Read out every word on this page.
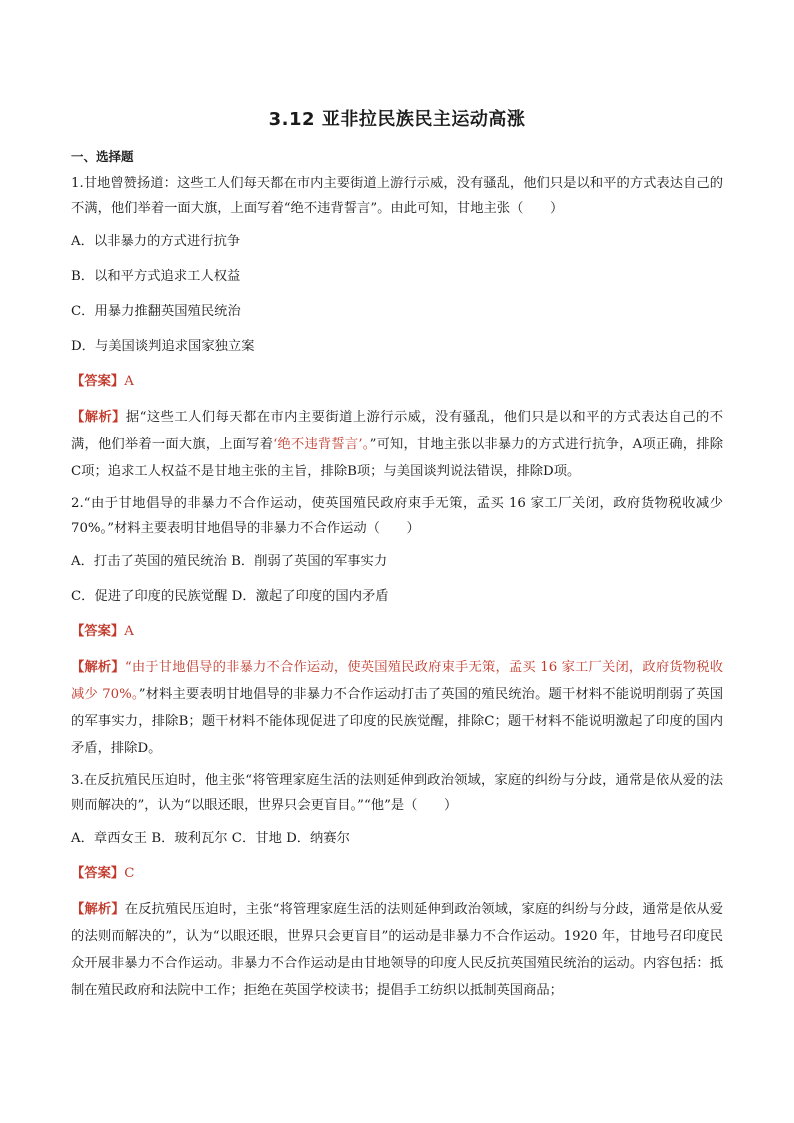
3.12 亚非拉民族民主运动高涨
一、选择题
1.甘地曾赞扬道：这些工人们每天都在市内主要街道上游行示威，没有骚乱，他们只是以和平的方式表达自己的不满，他们举着一面大旗，上面写着“绝不违背誓言”。由此可知，甘地主张（　　）
A．以非暴力的方式进行抗争
B．以和平方式追求工人权益
C．用暴力推翻英国殖民统治
D．与美国谈判追求国家独立案
【答案】A
【解析】据“这些工人们每天都在市内主要街道上游行示威，没有骚乱，他们只是以和平的方式表达自己的不满，他们举着一面大旗，上面写着‘绝不违背誓言’。”可知，甘地主张以非暴力的方式进行抗争，A项正确，排除C项；追求工人权益不是甘地主张的主旨，排除B项；与美国谈判说法错误，排除D项。
2.“由于甘地倡导的非暴力不合作运动，使英国殖民政府束手无策，孟买 16 家工厂关闭，政府货物税收减少 70%。”材料主要表明甘地倡导的非暴力不合作运动（　　）
A．打击了英国的殖民统治 B．削弱了英国的军事实力
C．促进了印度的民族觉醒 D．激起了印度的国内矛盾
【答案】A
【解析】“由于甘地倡导的非暴力不合作运动，使英国殖民政府束手无策，孟买 16 家工厂关闭，政府货物税收减少 70%。”材料主要表明甘地倡导的非暴力不合作运动打击了英国的殖民统治。题干材料不能说明削弱了英国的军事实力，排除B；题干材料不能体现促进了印度的民族觉醒，排除C；题干材料不能说明激起了印度的国内矛盾，排除D。
3.在反抗殖民压迫时，他主张“将管理家庭生活的法则延伸到政治领域，家庭的纠纷与分歧，通常是依从爱的法则而解决的”，认为“以眼还眼，世界只会更盲目。”“他”是（　　）
A．章西女王 B．玻利瓦尔 C．甘地 D．纳赛尔
【答案】C
【解析】在反抗殖民压迫时，主张“将管理家庭生活的法则延伸到政治领域，家庭的纠纷与分歧，通常是依从爱的法则而解决的”，认为“以眼还眼，世界只会更盲目”的运动是非暴力不合作运动。1920 年，甘地号召印度民众开展非暴力不合作运动。非暴力不合作运动是由甘地领导的印度人民反抗英国殖民统治的运动。内容包括：抵制在殖民政府和法院中工作；拒绝在英国学校读书；提倡手工纺织以抵制英国商品；
